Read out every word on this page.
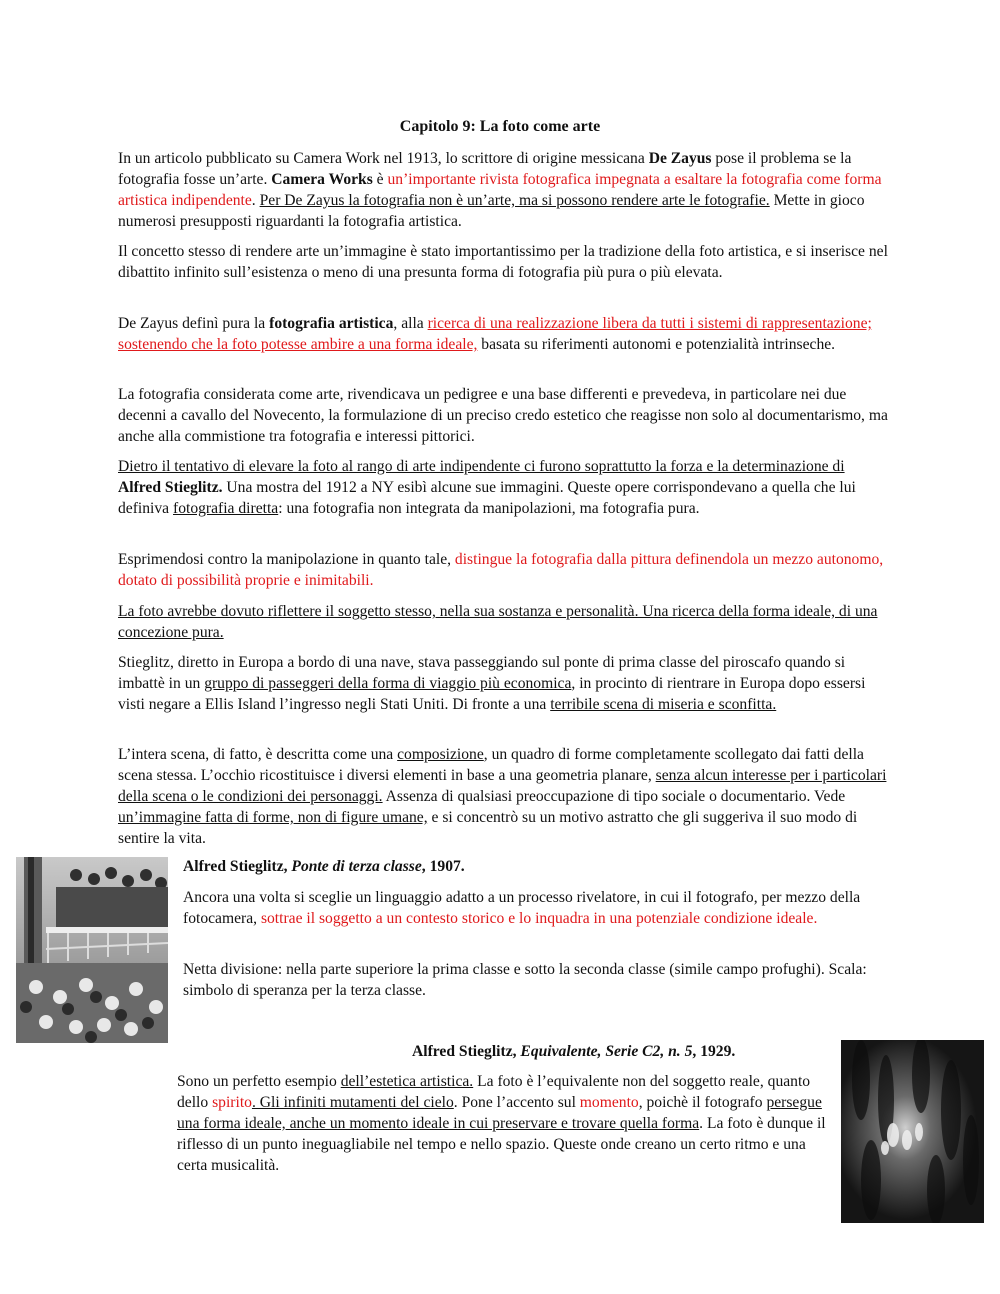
Capitolo 9: La foto come arte

In un articolo pubblicato su Camera Work nel 1913, lo scrittore di origine messicana De Zayus pose il problema se la fotografia fosse un’arte. Camera Works è un’importante rivista fotografica impegnata a esaltare la fotografia come forma artistica indipendente. Per De Zayus la fotografia non è un’arte, ma si possono rendere arte le fotografie. Mette in gioco numerosi presupposti riguardanti la fotografia artistica.

Il concetto stesso di rendere arte un’immagine è stato importantissimo per la tradizione della foto artistica, e si inserisce nel dibattito infinito sull’esistenza o meno di una presunta forma di fotografia più pura o più elevata.

De Zayus definì pura la fotografia artistica, alla ricerca di una realizzazione libera da tutti i sistemi di rappresentazione; sostenendo che la foto potesse ambire a una forma ideale, basata su riferimenti autonomi e potenzialità intrinseche.

La fotografia considerata come arte, rivendicava un pedigree e una base differenti e prevedeva, in particolare nei due decenni a cavallo del Novecento, la formulazione di un preciso credo estetico che reagisse non solo al documentarismo, ma anche alla commistione tra fotografia e interessi pittorici.

Dietro il tentativo di elevare la foto al rango di arte indipendente ci furono soprattutto la forza e la determinazione di Alfred Stieglitz. Una mostra del 1912 a NY esibì alcune sue immagini. Queste opere corrispondevano a quella che lui definiva fotografia diretta: una fotografia non integrata da manipolazioni, ma fotografia pura.

Esprimendosi contro la manipolazione in quanto tale, distingue la fotografia dalla pittura definendola un mezzo autonomo, dotato di possibilità proprie e inimitabili.

La foto avrebbe dovuto riflettere il soggetto stesso, nella sua sostanza e personalità. Una ricerca della forma ideale, di una concezione pura.

Stieglitz, diretto in Europa a bordo di una nave, stava passeggiando sul ponte di prima classe del piroscafo quando si imbattè in un gruppo di passeggeri della forma di viaggio più economica, in procinto di rientrare in Europa dopo essersi visti negare a Ellis Island l’ingresso negli Stati Uniti. Di fronte a una terribile scena di miseria e sconfitta.

L’intera scena, di fatto, è descritta come una composizione, un quadro di forme completamente scollegato dai fatti della scena stessa. L’occhio ricostituisce i diversi elementi in base a una geometria planare, senza alcun interesse per i particolari della scena o le condizioni dei personaggi. Assenza di qualsiasi preoccupazione di tipo sociale o documentario. Vede un’immagine fatta di forme, non di figure umane, e si concentrò su un motivo astratto che gli suggeriva il suo modo di sentire la vita.

Alfred Stieglitz, Ponte di terza classe, 1907.

Ancora una volta si sceglie un linguaggio adatto a un processo rivelatore, in cui il fotografo, per mezzo della fotocamera, sottrae il soggetto a un contesto storico e lo inquadra in una potenziale condizione ideale.

Netta divisione: nella parte superiore la prima classe e sotto la seconda classe (simile campo profughi). Scala: simbolo di speranza per la terza classe.

Alfred Stieglitz, Equivalente, Serie C2, n. 5, 1929.

Sono un perfetto esempio dell’estetica artistica. La foto è l’equivalente non del soggetto reale, quanto dello spirito. Gli infiniti mutamenti del cielo. Pone l’accento sul momento, poichè il fotografo persegue una forma ideale, anche un momento ideale in cui preservare e trovare quella forma. La foto è dunque il riflesso di un punto ineguagliabile nel tempo e nello spazio. Queste onde creano un certo ritmo e una certa musicalità.
